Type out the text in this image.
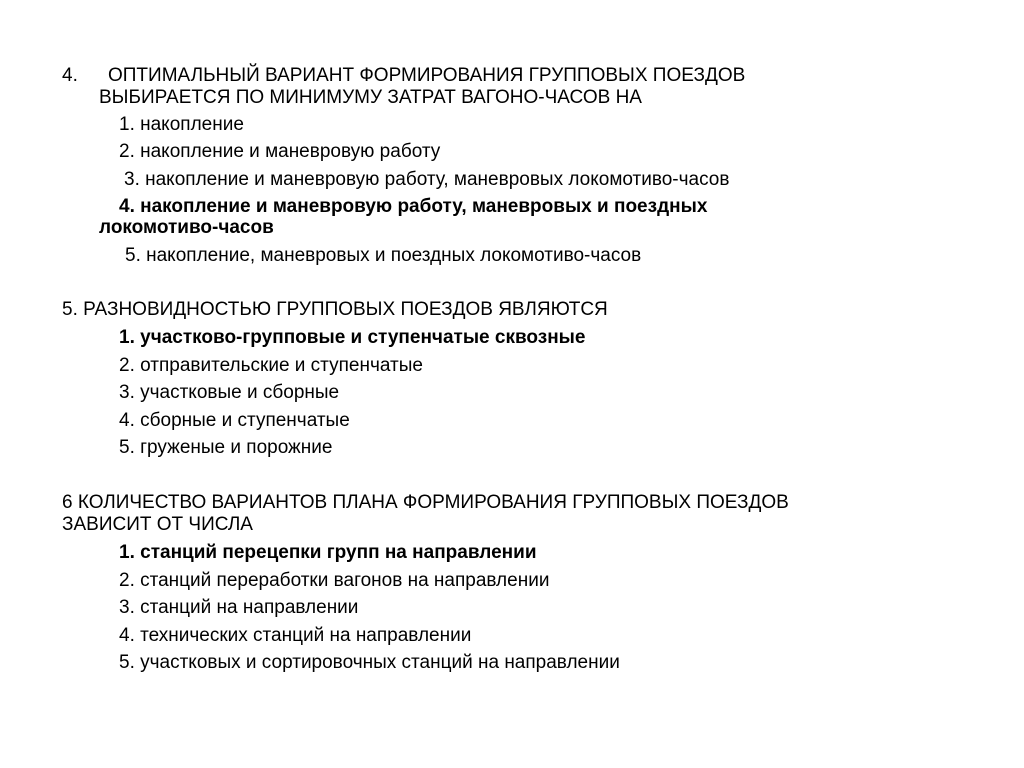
4. ОПТИМАЛЬНЫЙ ВАРИАНТ ФОРМИРОВАНИЯ ГРУППОВЫХ ПОЕЗДОВ
ВЫБИРАЕТСЯ ПО МИНИМУМУ ЗАТРАТ ВАГОНО-ЧАСОВ НА
1. накопление
2. накопление и маневровую работу
3. накопление и маневровую работу, маневровых локомотиво-часов
4. накопление и маневровую работу, маневровых и поездных
локомотиво-часов
5. накопление, маневровых и поездных локомотиво-часов
5. РАЗНОВИДНОСТЬЮ ГРУППОВЫХ ПОЕЗДОВ ЯВЛЯЮТСЯ
1. участково-групповые и ступенчатые сквозные
2. отправительские и ступенчатые
3. участковые и сборные
4. сборные и ступенчатые
5. груженые и порожние
6 КОЛИЧЕСТВО ВАРИАНТОВ ПЛАНА ФОРМИРОВАНИЯ ГРУППОВЫХ ПОЕЗДОВ
ЗАВИСИТ ОТ ЧИСЛА
1. станций перецепки групп на направлении
2. станций переработки вагонов на направлении
3. станций на направлении
4. технических станций на направлении
5. участковых и сортировочных станций на направлении
